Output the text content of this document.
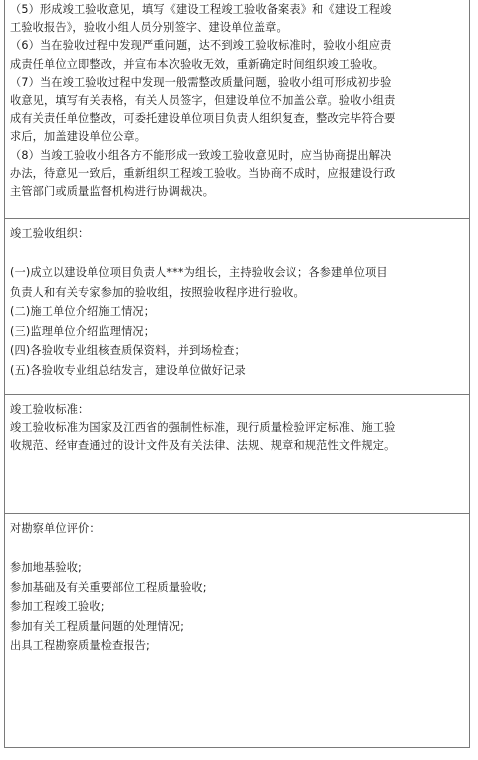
（5）形成竣工验收意见，填写《建设工程竣工验收备案表》和《建设工程竣
工验收报告》，验收小组人员分别签字、建设单位盖章。
（6）当在验收过程中发现严重问题，达不到竣工验收标准时，验收小组应责
成责任单位立即整改，并宣布本次验收无效，重新确定时间组织竣工验收。
（7）当在竣工验收过程中发现一般需整改质量问题，验收小组可形成初步验
收意见，填写有关表格，有关人员签字，但建设单位不加盖公章。验收小组责
成有关责任单位整改，可委托建设单位项目负责人组织复查，整改完毕符合要
求后，加盖建设单位公章。
（8）当竣工验收小组各方不能形成一致竣工验收意见时，应当协商提出解决
办法，待意见一致后，重新组织工程竣工验收。当协商不成时，应报建设行政
主管部门或质量监督机构进行协调裁决。
竣工验收组织：
(一)成立以建设单位项目负责人***为组长，主持验收会议；各参建单位项目
负责人和有关专家参加的验收组，按照验收程序进行验收。
(二)施工单位介绍施工情况；
(三)监理单位介绍监理情况；
(四)各验收专业组核查质保资料，并到场检查；
(五)各验收专业组总结发言，建设单位做好记录
竣工验收标准：
竣工验收标准为国家及江西省的强制性标准，现行质量检验评定标准、施工验
收规范、经审查通过的设计文件及有关法律、法规、规章和规范性文件规定。
对勘察单位评价：
参加地基验收;
参加基础及有关重要部位工程质量验收;
参加工程竣工验收;
参加有关工程质量问题的处理情况;
出具工程勘察质量检查报告;
